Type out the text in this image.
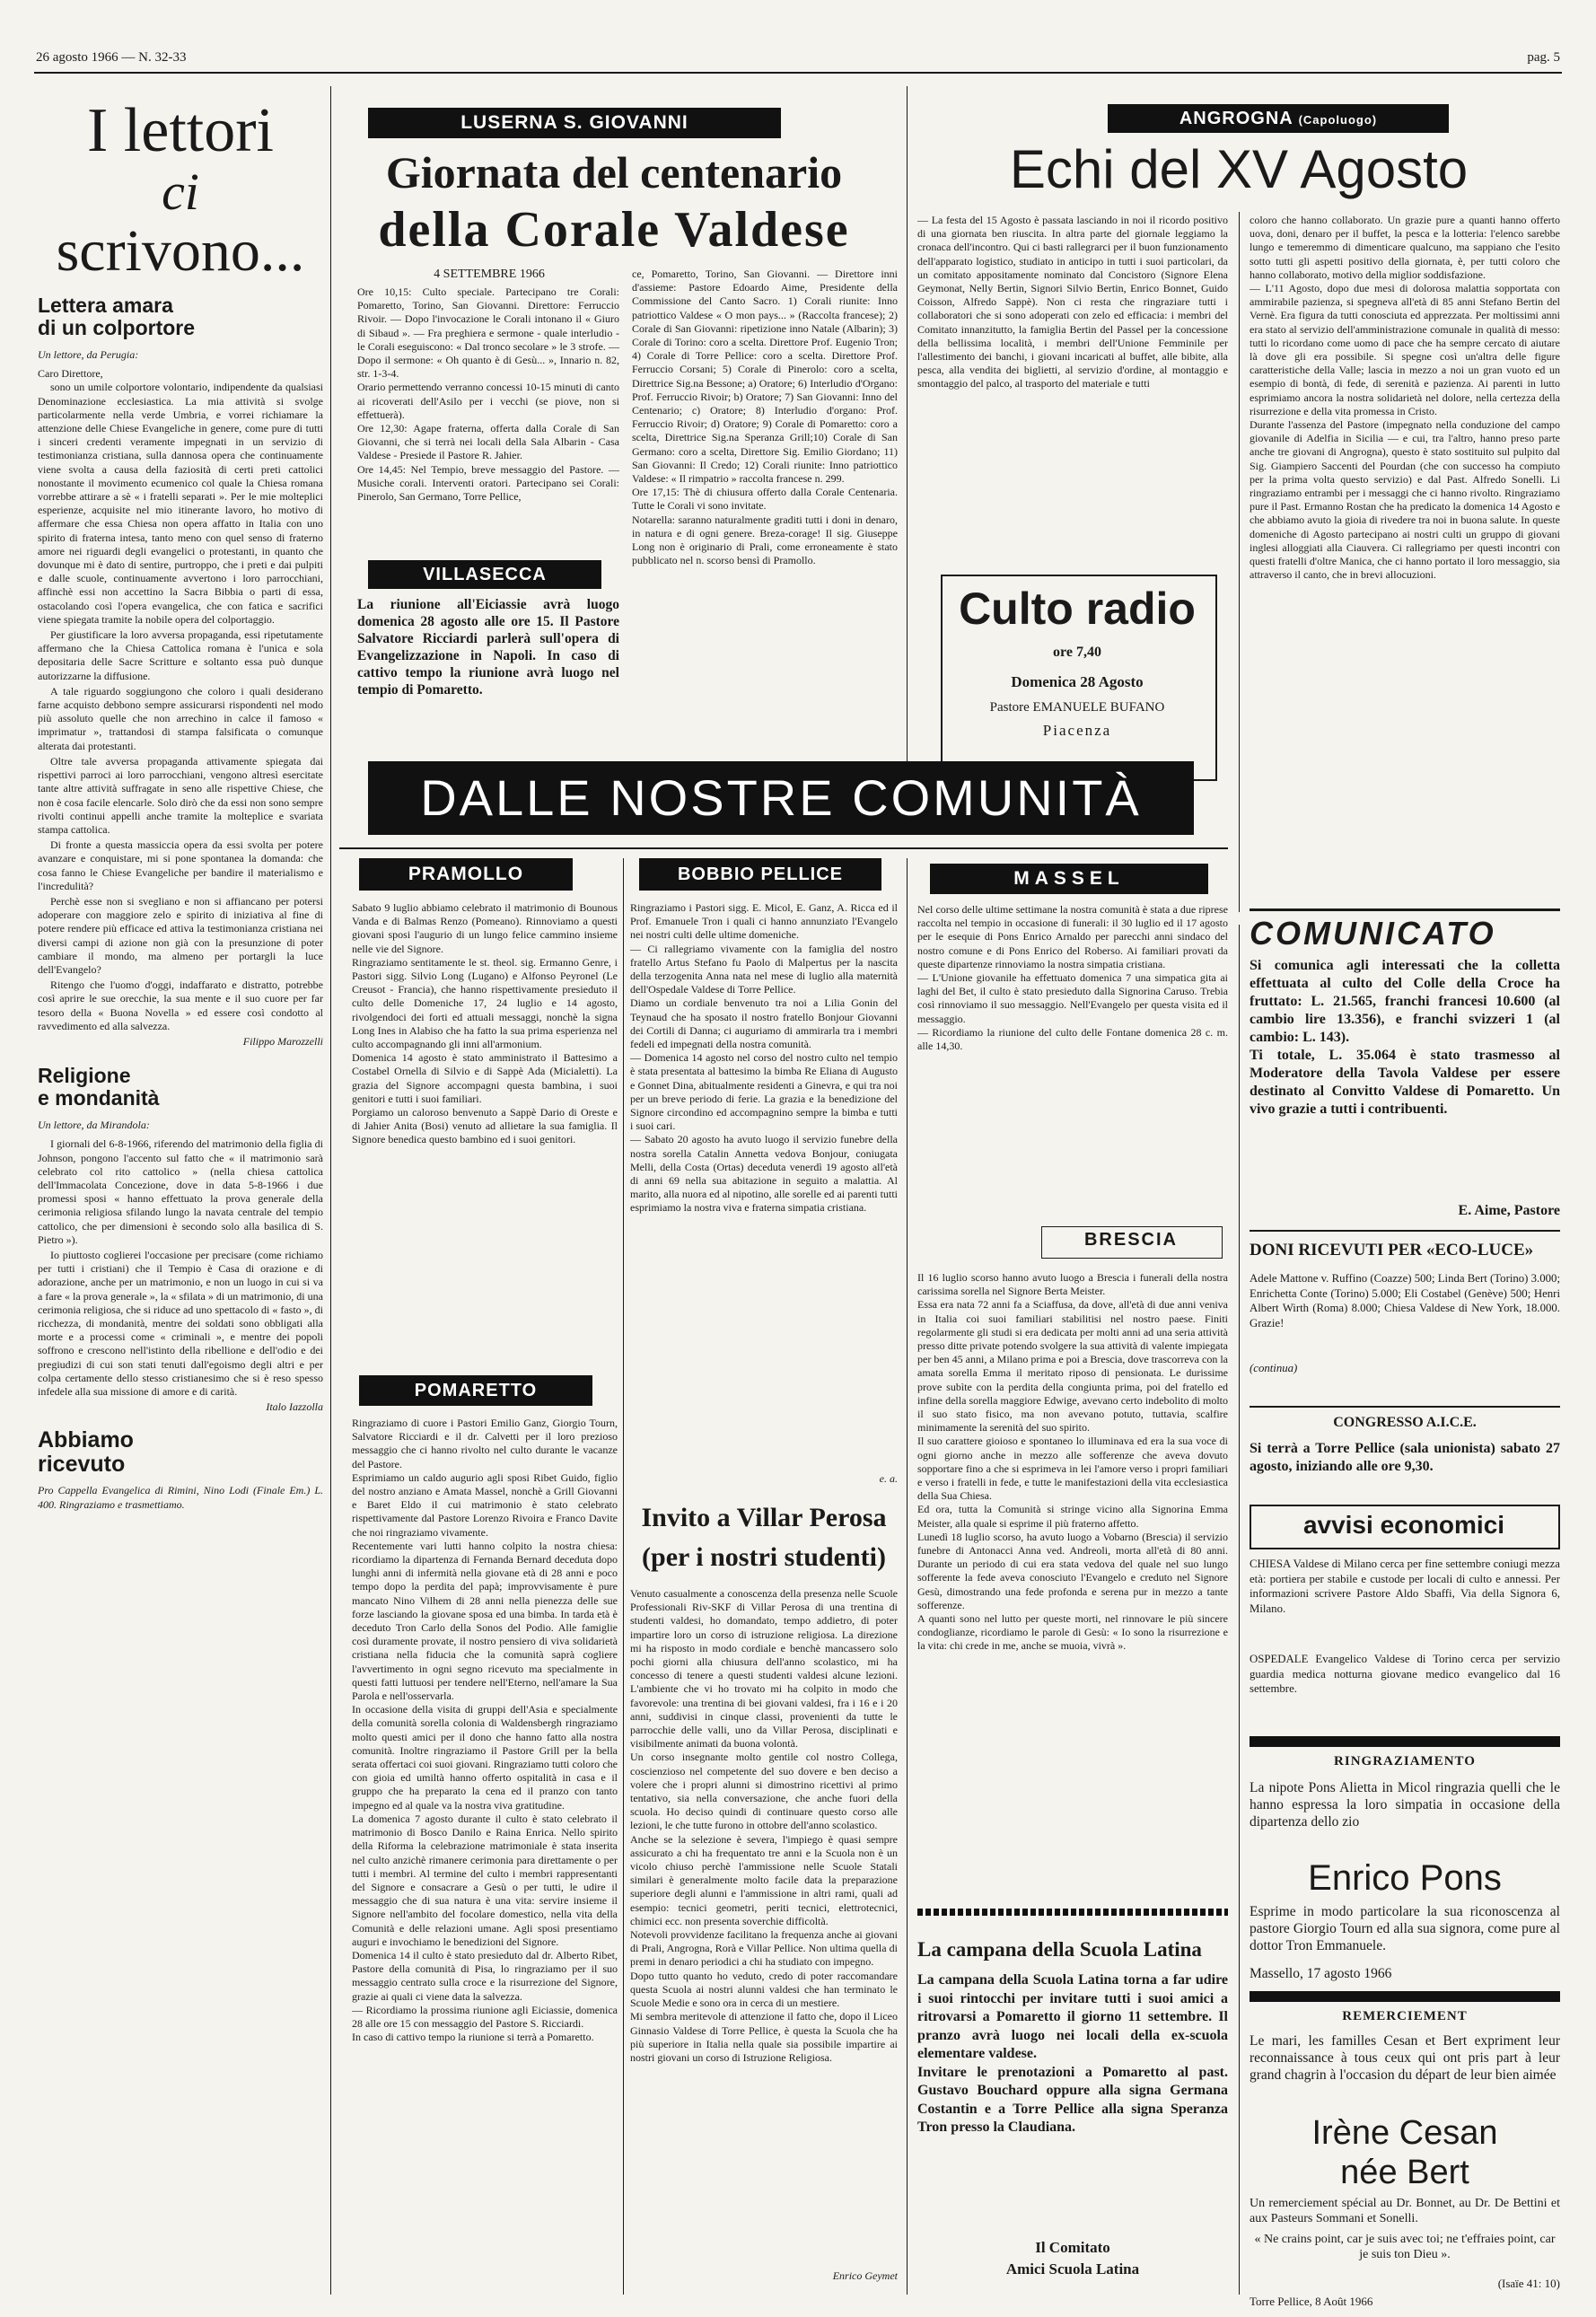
26 agosto 1966 — N. 32-33	pag. 5
I lettori
ci
scrivono...
Lettera amara
di un colportore
Un lettore, da Perugia:
Caro Direttore,

sono un umile colportore volontario, indipendente da qualsiasi Denominazione ecclesiastica. La mia attività si svolge particolarmente nella verde Umbria, e vorrei richiamare la attenzione delle Chiese Evangeliche in genere, come pure di tutti i sinceri credenti veramente impegnati in un servizio di testimonianza cristiana, sulla dannosa opera che continuamente viene svolta a causa della faziosità di certi preti cattolici nonostante il movimento ecumenico col quale la Chiesa romana vorrebbe attirare a sè « i fratelli separati ». Per le mie molteplici esperienze, acquisite nel mio itinerante lavoro, ho motivo di affermare che essa Chiesa non opera affatto in Italia con uno spirito di fraterna intesa, tanto meno con quel senso di fraterno amore nei riguardi degli evangelici o protestanti, in quanto che dovunque mi è dato di sentire, purtroppo, che i preti e dai pulpiti e dalle scuole, continuamente avvertono i loro parrocchiani, affinchè essi non accettino la Sacra Bibbia o parti di essa, ostacolando così l'opera evangelica, che con fatica e sacrifici viene spiegata tramite la nobile opera del colportaggio.

Per giustificare la loro avversa propaganda, essi ripetutamente affermano che la Chiesa Cattolica romana è l'unica e sola depositaria delle Sacre Scritture e soltanto essa può dunque autorizzarne la diffusione.

A tale riguardo soggiungono che coloro i quali desiderano farne acquisto debbono sempre assicurarsi rispondenti nel modo più assoluto quelle che non arrechino in calce il famoso « imprimatur », trattandosi di stampa falsificata o comunque alterata dai protestanti.

Oltre tale avversa propaganda attivamente spiegata dai rispettivi parroci ai loro parrocchiani, vengono altresì esercitate tante altre attività suffragate in seno alle rispettive Chiese, che non è cosa facile elencarle. Solo dirò che da essi non sono sempre rivolti continui appelli anche tramite la molteplice e svariata stampa cattolica.

Di fronte a questa massiccia opera da essi svolta per potere avanzare e conquistare, mi si pone spontanea la domanda: che cosa fanno le Chiese Evangeliche per bandire il materialismo e l'incredulità?

Perchè esse non si svegliano e non si affiancano per potersi adoperare con maggiore zelo e spirito di iniziativa al fine di potere rendere più efficace ed attiva la testimonianza cristiana nei diversi campi di azione non già con la presunzione di poter cambiare il mondo, ma almeno per portargli la luce dell'Evangelo?

Ritengo che l'uomo d'oggi, indaffarato e distratto, potrebbe così aprire le sue orecchie, la sua mente e il suo cuore per far tesoro della « Buona Novella » ed essere così condotto al ravvedimento ed alla salvezza.

Filippo Marozzelli
Religione
e mondanità
Un lettore, da Mirandola:

I giornali del 6-8-1966, riferendo del matrimonio della figlia di Johnson, pongono l'accento sul fatto che « il matrimonio sarà celebrato col rito cattolico » (nella chiesa cattolica dell'Immacolata Concezione, dove in data 5-8-1966 i due promessi sposi « hanno effettuato la prova generale della cerimonia religiosa sfilando lungo la navata centrale del tempio cattolico, che per dimensioni è secondo solo alla basilica di S. Pietro »).

Io piuttosto coglierei l'occasione per precisare (come richiamo per tutti i cristiani) che il Tempio è Casa di orazione e di adorazione, anche per un matrimonio, e non un luogo in cui si va a fare « la prova generale », la « sfilata » di un matrimonio, di una cerimonia religiosa, che si riduce ad uno spettacolo di « fasto », di ricchezza, di mondanità, mentre dei soldati sono obbligati alla morte e a processi come « criminali », e mentre dei popoli soffrono e crescono nell'istinto della ribellione e dell'odio e dei pregiudizi di cui son stati tenuti dall'egoismo degli altri e per colpa certamente dello stesso cristianesimo che si è reso spesso infedele alla sua missione di amore e di carità.

Italo Iazzolla
Abbiamo
ricevuto
Pro Cappella Evangelica di Rimini, Nino Lodi (Finale Em.) L. 400. Ringraziamo e trasmettiamo.
LUSERNA S. GIOVANNI
Giornata del centenario
della Corale Valdese
4 SETTEMBRE 1966
Ore 10,15: Culto speciale. Partecipano tre Corali: Pomaretto, Torino, San Giovanni. Direttore: Ferruccio Rivoir. — Dopo l'invocazione le Corali intonano il « Giuro di Sibaud ». — Fra preghiera e sermone - quale interludio - le Corali eseguiscono: « Dal tronco secolare » le 3 strofe. — Dopo il sermone: « Oh quanto è di Gesù... », Innario n. 82, str. 1-3-4.
Orario permettendo verranno concessi 10-15 minuti di canto ai ricoverati dell'Asilo per i vecchi (se piove, non si effettuerà).
Ore 12,30: Agape fraterna, offerta dalla Corale di San Giovanni, che si terrà nei locali della Sala Albarin - Casa Valdese - Presiede il Pastore R. Jahier.
Ore 14,45: Nel Tempio, breve messaggio del Pastore. — Musiche corali. Interventi oratori. Partecipano sei Corali: Pinerolo, San Germano, Torre Pellice,
ce, Pomaretto, Torino, San Giovanni. — Direttore inni d'assieme: Pastore Edoardo Aime, Presidente della Commissione del Canto Sacro. 1) Corali riunite: Inno patriottico Valdese « O mon pays... » (Raccolta francese); 2) Corale di San Giovanni: ripetizione inno Natale (Albarin); 3) Corale di Torino: coro a scelta. Direttore Prof. Eugenio Tron; 4) Corale di Torre Pellice: coro a scelta. Direttore Prof. Ferruccio Corsani; 5) Corale di Pinerolo: coro a scelta, Direttrice Sig.na Bessone; a) Oratore; 6) Interludio d'Organo: Prof. Ferruccio Rivoir; b) Oratore; 7) San Giovanni: Inno del Centenario; c) Oratore; 8) Interludio d'organo: Prof. Ferruccio Rivoir; d) Oratore; 9) Corale di Pomaretto: coro a scelta, Direttrice Sig.na Speranza Grill;10) Corale di San Germano: coro a scelta, Direttore Sig. Emilio Giordano; 11) San Giovanni: Il Credo; 12) Corali riunite: Inno patriottico Valdese: « Il rimpatrio » raccolta francese n. 299.
Ore 17,15: Thè di chiusura offerto dalla Corale Centenaria. Tutte le Corali vi sono invitate.
Notarella: saranno naturalmente graditi tutti i doni in denaro, in natura e di ogni genere. Breza-corage! Il sig. Giuseppe Long non è originario di Prali, come erroneamente è stato pubblicato nel n. scorso bensì di Pramollo.
VILLASECCA
La riunione all'Eiciassie avrà luogo domenica 28 agosto alle ore 15. Il Pastore Salvatore Ricciardi parlerà sull'opera di Evangelizzazione in Napoli. In caso di cattivo tempo la riunione avrà luogo nel tempio di Pomaretto.
ANGROGNA (Capoluogo)
Echi del XV Agosto
— La festa del 15 Agosto è passata lasciando in noi il ricordo positivo di una giornata ben riuscita. In altra parte del giornale leggiamo la cronaca dell'incontro. Qui ci basti rallegrarci per il buon funzionamento dell'apparato logistico, studiato in anticipo in tutti i suoi particolari, da un comitato appositamente nominato dal Concistoro (Signore Elena Geymonat, Nelly Bertin, Signori Silvio Bertin, Enrico Bonnet, Guido Coisson, Alfredo Sappè). Non ci resta che ringraziare tutti i collaboratori che si sono adoperati con zelo ed efficacia: i membri del Comitato innanzitutto, la famiglia Bertin del Passel per la concessione della bellissima località, i membri dell'Unione Femminile per l'allestimento dei banchi, i giovani incaricati al buffet, alle bibite, alla pesca, alla vendita dei biglietti, al servizio d'ordine, al montaggio e smontaggio del palco, al trasporto del materiale e tutti
coloro che hanno collaborato. Un grazie pure a quanti hanno offerto uova, doni, denaro per il buffet, la pesca e la lotteria: l'elenco sarebbe lungo e temeremmo di dimenticare qualcuno, ma sappiano che l'esito sotto tutti gli aspetti positivo della giornata, è, per tutti coloro che hanno collaborato, motivo della miglior soddisfazione.
— L'11 Agosto, dopo due mesi di dolorosa malattia sopportata con ammirabile pazienza, si spegneva all'età di 85 anni Stefano Bertin del Vernè. Era figura da tutti conosciuta ed apprezzata. Per moltissimi anni era stato al servizio dell'amministrazione comunale in qualità di messo: tutti lo ricordano come uomo di pace che ha sempre cercato di aiutare là dove gli era possibile. Si spegne così un'altra delle figure caratteristiche della Valle; lascia in mezzo a noi un gran vuoto ed un esempio di bontà, di fede, di serenità e pazienza. Ai parenti in lutto esprimiamo ancora la nostra solidarietà nel dolore, nella certezza della risurrezione e della vita promessa in Cristo.
Durante l'assenza del Pastore (impegnato nella conduzione del campo giovanile di Adelfia in Sicilia — e cui, tra l'altro, hanno preso parte anche tre giovani di Angrogna), questo è stato sostituito sul pulpito dal Sig. Giampiero Saccenti del Pourdan (che con successo ha compiuto per la prima volta questo servizio) e dal Past. Alfredo Sonelli. Li ringraziamo entrambi per i messaggi che ci hanno rivolto. Ringraziamo pure il Past. Ermanno Rostan che ha predicato la domenica 14 Agosto e che abbiamo avuto la gioia di rivedere tra noi in buona salute. In queste domeniche di Agosto partecipano ai nostri culti un gruppo di giovani inglesi alloggiati alla Ciauvera. Ci rallegriamo per questi incontri con questi fratelli d'oltre Manica, che ci hanno portato il loro messaggio, sia attraverso il canto, che in brevi allocuzioni.
Culto radio
ore 7,40
Domenica 28 Agosto
Pastore EMANUELE BUFANO
Piacenza
DALLE NOSTRE COMUNITÀ
PRAMOLLO
Sabato 9 luglio abbiamo celebrato il matrimonio di Bounous Vanda e di Balmas Renzo (Pomeano). Rinnoviamo a questi giovani sposi l'augurio di un lungo felice cammino insieme nelle vie del Signore.
Ringraziamo sentitamente le st. theol. sig. Ermanno Genre, i Pastori sigg. Silvio Long (Lugano) e Alfonso Peyronel (Le Creusot - Francia), che hanno rispettivamente presieduto il culto delle Domeniche 17, 24 luglio e 14 agosto, rivolgendoci dei forti ed attuali messaggi, nonchè la signa Long Ines in Alabiso che ha fatto la sua prima esperienza nel culto accompagnando gli inni all'armonium.
Domenica 14 agosto è stato amministrato il Battesimo a Costabel Ornella di Silvio e di Sappè Ada (Micialetti). La grazia del Signore accompagni questa bambina, i suoi genitori e tutti i suoi familiari.
Porgiamo un caloroso benvenuto a Sappè Dario di Oreste e di Jahier Anita (Bosi) venuto ad allietare la sua famiglia. Il Signore benedica questo bambino ed i suoi genitori.
POMARETTO
Ringraziamo di cuore i Pastori Emilio Ganz, Giorgio Tourn, Salvatore Ricciardi e il dr. Calvetti per il loro prezioso messaggio che ci hanno rivolto nel culto durante le vacanze del Pastore.
Esprimiamo un caldo augurio agli sposi Ribet Guido, figlio del nostro anziano e Amata Massel, nonchè a Grill Giovanni e Baret Eldo il cui matrimonio è stato celebrato rispettivamente dal Pastore Lorenzo Rivoira e Franco Davite che noi ringraziamo vivamente.
Recentemente vari lutti hanno colpito la nostra chiesa: ricordiamo la dipartenza di Fernanda Bernard deceduta dopo lunghi anni di infermità nella giovane età di 28 anni e poco tempo dopo la perdita del papà; improvvisamente è pure mancato Nino Vilhem di 28 anni nella pienezza delle sue forze lasciando la giovane sposa ed una bimba. In tarda età è deceduto Tron Carlo della Sonos del Podio. Alle famiglie così duramente provate, il nostro pensiero di viva solidarietà cristiana nella fiducia che la comunità saprà cogliere l'avvertimento in ogni segno ricevuto ma specialmente in questi fatti luttuosi per tendere nell'Eterno, nell'amare la Sua Parola e nell'osservarla.
In occasione della visita di gruppi dell'Asia e specialmente della comunità sorella colonia di Waldensbergh ringraziamo molto questi amici per il dono che hanno fatto alla nostra comunità. Inoltre ringraziamo il Pastore Grill per la bella serata offertaci coi suoi giovani. Ringraziamo tutti coloro che con gioia ed umiltà hanno offerto ospitalità in casa e il gruppo che ha preparato la cena ed il pranzo con tanto impegno ed al quale va la nostra viva gratitudine.
La domenica 7 agosto durante il culto è stato celebrato il matrimonio di Bosco Danilo e Raina Enrica. Nello spirito della Riforma la celebrazione matrimoniale è stata inserita nel culto anzichè rimanere cerimonia para direttamente o per tutti i membri. Al termine del culto i membri rappresentanti del Signore e consacrare a Gesù o per tutti, le udire il messaggio che di sua natura è una vita: servire insieme il Signore nell'ambito del focolare domestico, nella vita della Comunità e delle relazioni umane. Agli sposi presentiamo auguri e invochiamo le benedizioni del Signore.
Domenica 14 il culto è stato presieduto dal dr. Alberto Ribet, Pastore della comunità di Pisa, lo ringraziamo per il suo messaggio centrato sulla croce e la risurrezione del Signore, grazie ai quali ci viene data la salvezza.
— Ricordiamo la prossima riunione agli Eiciassie, domenica 28 alle ore 15 con messaggio del Pastore S. Ricciardi.
In caso di cattivo tempo la riunione si terrà a Pomaretto.
BOBBIO PELLICE
Ringraziamo i Pastori sigg. E. Micol, E. Ganz, A. Ricca ed il Prof. Emanuele Tron i quali ci hanno annunziato l'Evangelo nei nostri culti delle ultime domeniche.
— Ci rallegriamo vivamente con la famiglia del nostro fratello Artus Stefano fu Paolo di Malpertus per la nascita della terzogenita Anna nata nel mese di luglio alla maternità dell'Ospedale Valdese di Torre Pellice.
Diamo un cordiale benvenuto tra noi a Lilia Gonin del Teynaud che ha sposato il nostro fratello Bonjour Giovanni dei Cortili di Danna; ci auguriamo di ammirarla tra i membri fedeli ed impegnati della nostra comunità.
— Domenica 14 agosto nel corso del nostro culto nel tempio è stata presentata al battesimo la bimba Re Eliana di Augusto e Gonnet Dina, abitualmente residenti a Ginevra, e qui tra noi per un breve periodo di ferie. La grazia e la benedizione del Signore circondino ed accompagnino sempre la bimba e tutti i suoi cari.
— Sabato 20 agosto ha avuto luogo il servizio funebre della nostra sorella Catalin Annetta vedova Bonjour, coniugata Melli, della Costa (Ortas) deceduta venerdì 19 agosto all'età di anni 69 nella sua abitazione in seguito a malattia. Al marito, alla nuora ed al nipotino, alle sorelle ed ai parenti tutti esprimiamo la nostra viva e fraterna simpatia cristiana.
e. a.
Invito a Villar Perosa
(per i nostri studenti)
Venuto casualmente a conoscenza della presenza nelle Scuole Professionali Riv-SKF di Villar Perosa di una trentina di studenti valdesi, ho domandato, tempo addietro, di poter impartire loro un corso di istruzione religiosa. La direzione mi ha risposto in modo cordiale e benchè mancassero solo pochi giorni alla chiusura dell'anno scolastico, mi ha concesso di tenere a questi studenti valdesi alcune lezioni. L'ambiente che vi ho trovato mi ha colpito in modo che favorevole: una trentina di bei giovani valdesi, fra i 16 e i 20 anni, suddivisi in cinque classi, provenienti da tutte le parrocchie delle valli, uno da Villar Perosa, disciplinati e visibilmente animati da buona volontà.
Un corso insegnante molto gentile col nostro Collega, coscienzioso nel competente del suo dovere e ben deciso a volere che i propri alunni si dimostrino ricettivi al primo tentativo, sia nella conversazione, che anche fuori della scuola. Ho deciso quindi di continuare questo corso alle lezioni, le che tutte furono in ottobre dell'anno scolastico.
Anche se la selezione è severa, l'impiego è quasi sempre assicurato a chi ha frequentato tre anni e la Scuola non è un vicolo chiuso perchè l'ammissione nelle Scuole Statali similari è generalmente molto facile data la preparazione superiore degli alunni e l'ammissione in altri rami, quali ad esempio: tecnici geometri, periti tecnici, elettrotecnici, chimici ecc. non presenta soverchie difficoltà.
Notevoli provvidenze facilitano la frequenza anche ai giovani di Prali, Angrogna, Rorà e Villar Pellice. Non ultima quella di premi in denaro periodici a chi ha studiato con impegno.
Dopo tutto quanto ho veduto, credo di poter raccomandare questa Scuola ai nostri alunni valdesi che han terminato le Scuole Medie e sono ora in cerca di un mestiere.
Mi sembra meritevole di attenzione il fatto che, dopo il Liceo Ginnasio Valdese di Torre Pellice, è questa la Scuola che ha più superiore in Italia nella quale sia possibile impartire ai nostri giovani un corso di Istruzione Religiosa.
Enrico Geymet
MASSEL
Nel corso delle ultime settimane la nostra comunità è stata a due riprese raccolta nel tempio in occasione di funerali: il 30 luglio ed il 17 agosto per le esequie di Pons Enrico Arnaldo per parecchi anni sindaco del nostro comune e di Pons Enrico del Roberso. Ai familiari provati da queste dipartenze rinnoviamo la nostra simpatia cristiana.
— L'Unione giovanile ha effettuato domenica 7 una simpatica gita ai laghi del Bet, il culto è stato presieduto dalla Signorina Caruso. Trebia così rinnoviamo il suo messaggio. Nell'Evangelo per questa visita ed il messaggio.
— Ricordiamo la riunione del culto delle Fontane domenica 28 c. m. alle 14,30.
BRESCIA
Il 16 luglio scorso hanno avuto luogo a Brescia i funerali della nostra carissima sorella nel Signore Berta Meister.
Essa era nata 72 anni fa a Sciaffusa, da dove, all'età di due anni veniva in Italia coi suoi familiari stabilitisi nel nostro paese. Finiti regolarmente gli studi si era dedicata per molti anni ad una seria attività presso ditte private potendo svolgere la sua attività di valente impiegata per ben 45 anni, a Milano prima e poi a Brescia, dove trascorreva con la amata sorella Emma il meritato riposo di pensionata. Le durissime prove subìte con la perdita della congiunta prima, poi del fratello ed infine della sorella maggiore Edwige, avevano certo indebolito di molto il suo stato fisico, ma non avevano potuto, tuttavia, scalfire minimamente la serenità del suo spirito.
Il suo carattere gioioso e spontaneo lo illuminava ed era la sua voce di ogni giorno anche in mezzo alle sofferenze che aveva dovuto sopportare fino a che si esprimeva in lei l'amore verso i propri familiari e verso i fratelli in fede, e tutte le manifestazioni della vita ecclesiastica della Sua Chiesa.
Ed ora, tutta la Comunità si stringe vicino alla Signorina Emma Meister, alla quale si esprime il più fraterno affetto.
Lunedì 18 luglio scorso, ha avuto luogo a Vobarno (Brescia) il servizio funebre di Antonacci Anna ved. Andreoli, morta all'età di 80 anni. Durante un periodo di cui era stata vedova del quale nel suo lungo sofferente la fede aveva conosciuto l'Evangelo e creduto nel Signore Gesù, dimostrando una fede profonda e serena pur in mezzo a tante sofferenze.
A quanti sono nel lutto per queste morti, nel rinnovare le più sincere condoglianze, ricordiamo le parole di Gesù: « Io sono la risurrezione e la vita: chi crede in me, anche se muoia, vivrà ».
La campana della Scuola Latina
La campana della Scuola Latina torna a far udire i suoi rintocchi per invitare tutti i suoi amici a ritrovarsi a Pomaretto il giorno 11 settembre. Il pranzo avrà luogo nei locali della ex-scuola elementare valdese.
Invitare le prenotazioni a Pomaretto al past. Gustavo Bouchard oppure alla signa Germana Costantin e a Torre Pellice alla signa Speranza Tron presso la Claudiana.
Il Comitato
Amici Scuola Latina
COMUNICATO
Si comunica agli interessati che la colletta effettuata al culto del Colle della Croce ha fruttato: L. 21.565, franchi francesi 10.600 (al cambio lire 13.356), e franchi svizzeri 1 (al cambio: L. 143).
Ti totale, L. 35.064 è stato trasmesso al Moderatore della Tavola Valdese per essere destinato al Convitto Valdese di Pomaretto. Un vivo grazie a tutti i contribuenti.
E. Aime, Pastore
DONI RICEVUTI PER «ECO-LUCE»
Adele Mattone v. Ruffino (Coazze) 500; Linda Bert (Torino) 3.000; Enrichetta Conte (Torino) 5.000; Eli Costabel (Genève) 500; Henri Albert Wirth (Roma) 8.000; Chiesa Valdese di New York, 18.000. Grazie!
(continua)
CONGRESSO A.I.C.E.
Si terrà a Torre Pellice (sala unionista) sabato 27 agosto, iniziando alle ore 9,30.
avvisi economici
CHIESA Valdese di Milano cerca per fine settembre coniugi mezza età: portiera per stabile e custode per locali di culto e annessi. Per informazioni scrivere Pastore Aldo Sbaffi, Via della Signora 6, Milano.
OSPEDALE Evangelico Valdese di Torino cerca per servizio guardia medica notturna giovane medico evangelico dal 16 settembre.
RINGRAZIAMENTO
La nipote Pons Alietta in Micol ringrazia quelli che le hanno espressa la loro simpatia in occasione della dipartenza dello zio
Enrico Pons
Esprime in modo particolare la sua riconoscenza al pastore Giorgio Tourn ed alla sua signora, come pure al dottor Tron Emmanuele.
Massello, 17 agosto 1966
REMERCIEMENT
Le mari, les familles Cesan et Bert expriment leur reconnaissance à tous ceux qui ont pris part à leur grand chagrin à l'occasion du départ de leur bien aimée
Irène Cesan
née Bert
Un remerciement spécial au Dr. Bonnet, au Dr. De Bettini et aux Pasteurs Sommani et Sonelli.
« Ne crains point, car je suis avec toi; ne t'effraies point, car je suis ton Dieu ».
(Isaïe 41: 10)
Torre Pellice, 8 Août 1966
